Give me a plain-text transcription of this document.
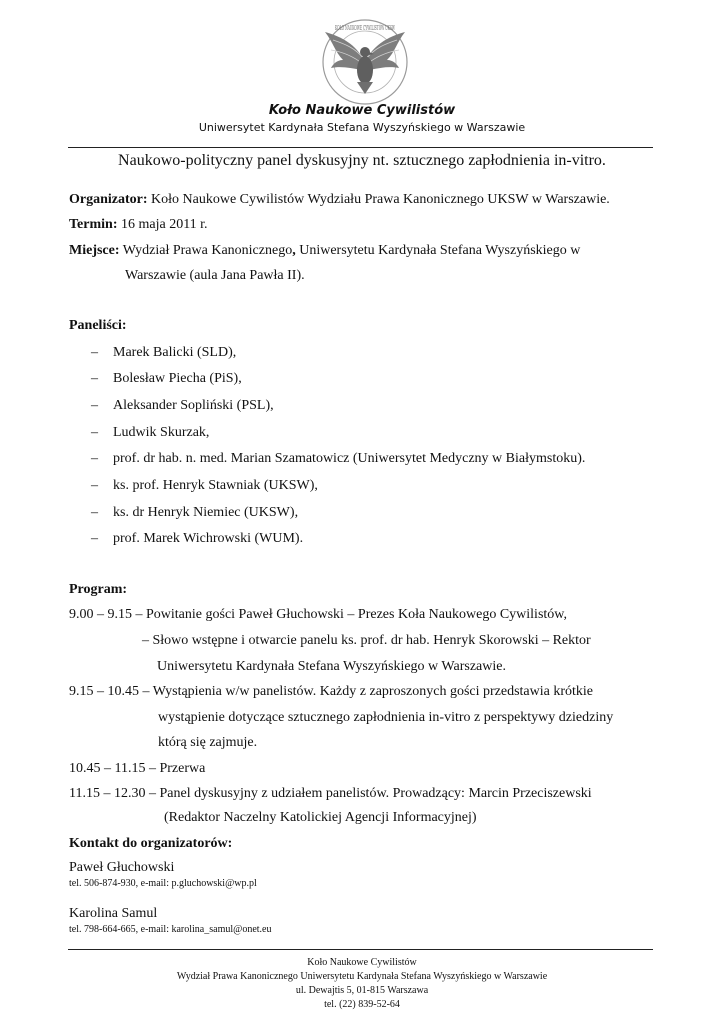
KOŁO NAUKOWE CYWILISTÓW UKSW
Koło Naukowe Cywilistów
Uniwersytet Kardynała Stefana Wyszyńskiego w Warszawie
Naukowo-polityczny panel dyskusyjny nt. sztucznego zapłodnienia in-vitro.
Organizator: Koło Naukowe Cywilistów Wydziału Prawa Kanonicznego UKSW w Warszawie.
Termin: 16 maja 2011 r.
Miejsce: Wydział Prawa Kanonicznego, Uniwersytetu Kardynała Stefana Wyszyńskiego w
Warszawie (aula Jana Pawła II).
Paneliści:
– Marek Balicki (SLD),
– Bolesław Piecha (PiS),
– Aleksander Sopliński (PSL),
– Ludwik Skurzak,
– prof. dr hab. n. med. Marian Szamatowicz (Uniwersytet Medyczny w Białymstoku).
– ks. prof. Henryk Stawniak (UKSW),
– ks. dr Henryk Niemiec (UKSW),
– prof. Marek Wichrowski (WUM).
Program:
9.00 – 9.15 – Powitanie gości Paweł Głuchowski – Prezes Koła Naukowego Cywilistów,
– Słowo wstępne i otwarcie panelu ks. prof. dr hab. Henryk Skorowski – Rektor
Uniwersytetu Kardynała Stefana Wyszyńskiego w Warszawie.
9.15 – 10.45 – Wystąpienia w/w panelistów. Każdy z zaproszonych gości przedstawia krótkie
wystąpienie dotyczące sztucznego zapłodnienia in-vitro z perspektywy dziedziny
którą się zajmuje.
10.45 – 11.15 – Przerwa
11.15 – 12.30 – Panel dyskusyjny z udziałem panelistów. Prowadzący: Marcin Przeciszewski
(Redaktor Naczelny Katolickiej Agencji Informacyjnej)
Kontakt do organizatorów:
Paweł Głuchowski
tel. 506-874-930, e-mail: p.gluchowski@wp.pl
Karolina Samul
tel. 798-664-665, e-mail: karolina_samul@onet.eu
Koło Naukowe Cywilistów
Wydział Prawa Kanonicznego Uniwersytetu Kardynała Stefana Wyszyńskiego w Warszawie
ul. Dewajtis 5, 01-815 Warszawa
tel. (22) 839-52-64
